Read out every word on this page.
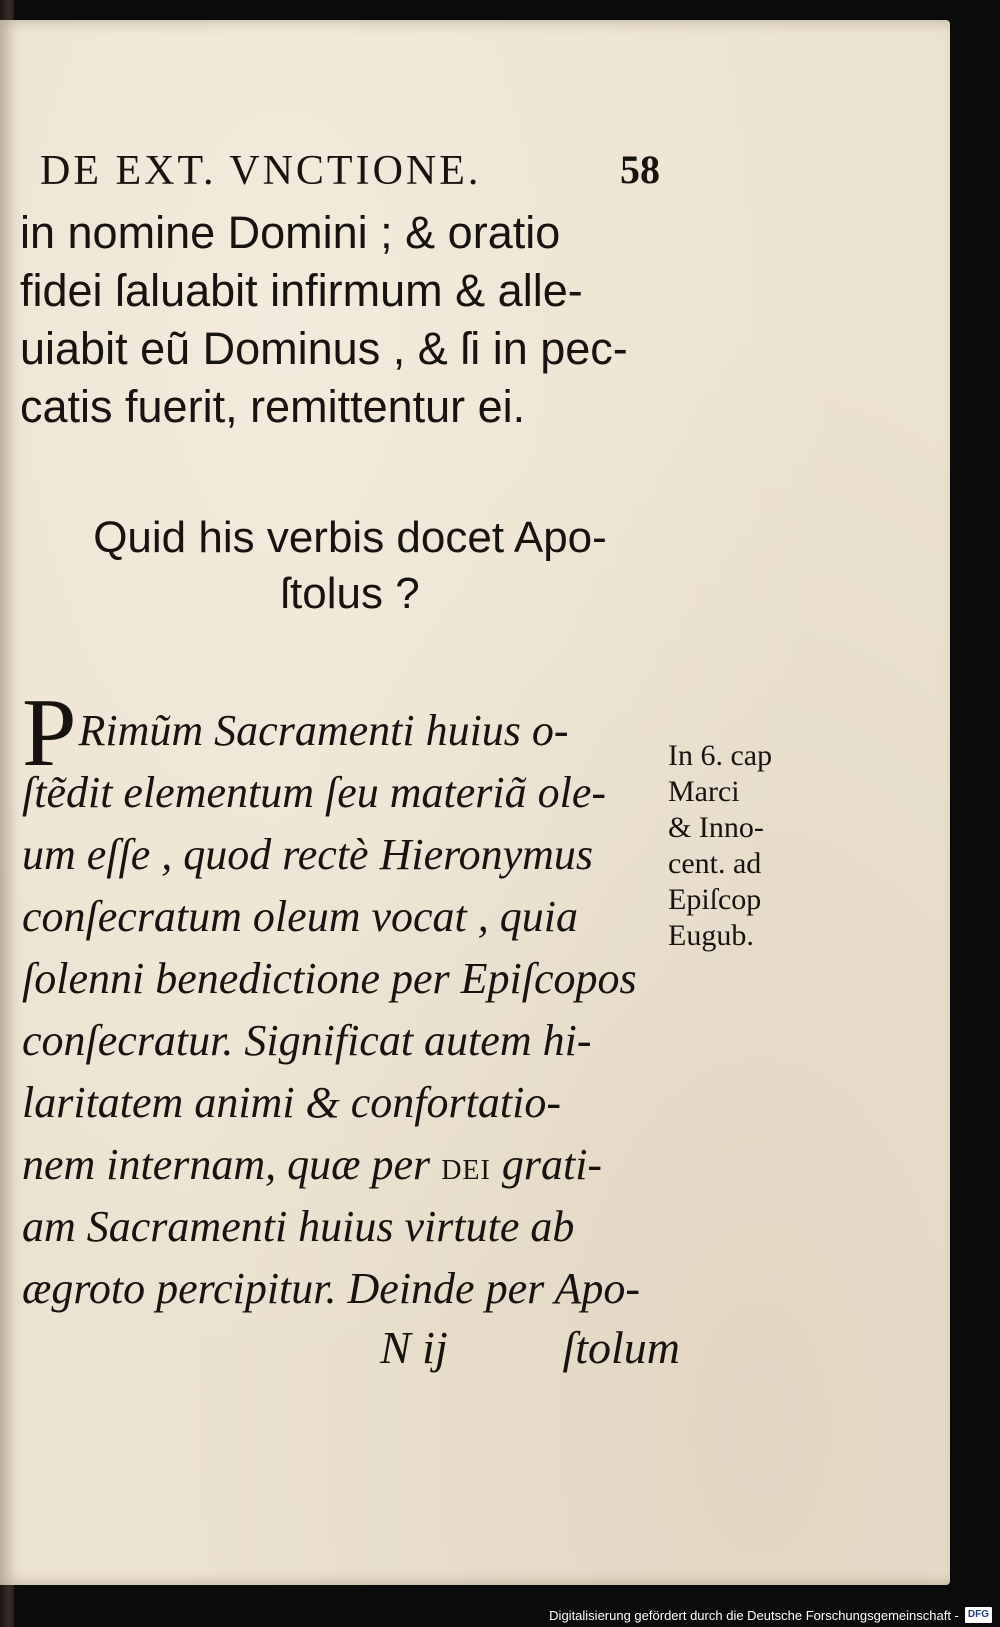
DE EXT. VNCTIONE.	58
in nomine Domini ; & oratio
fidei ſaluabit infirmum & alle-
uiabit eũ Dominus , & ſi in pec-
catis fuerit, remittentur ei.
Quid his verbis docet Apo-
ſtolus ?
PRimũm Sacramenti huius o-
ſtẽdit elementum ſeu materiã ole-
um eſſe , quod rectè Hieronymus
conſecratum oleum vocat , quia
ſolenni benedictione per Epiſcopos
conſecratur. Significat autem hi-
laritatem animi & confortatio-
nem internam, quæ per DEI grati-
am Sacramenti huius virtute ab
ægroto percipitur. Deinde per Apo-
In 6. cap
Marci
& Inno-
cent. ad
Epiſcop
Eugub.
N ij ſtolum
Digitalisierung gefördert durch die Deutsche Forschungsgemeinschaft - DFG
